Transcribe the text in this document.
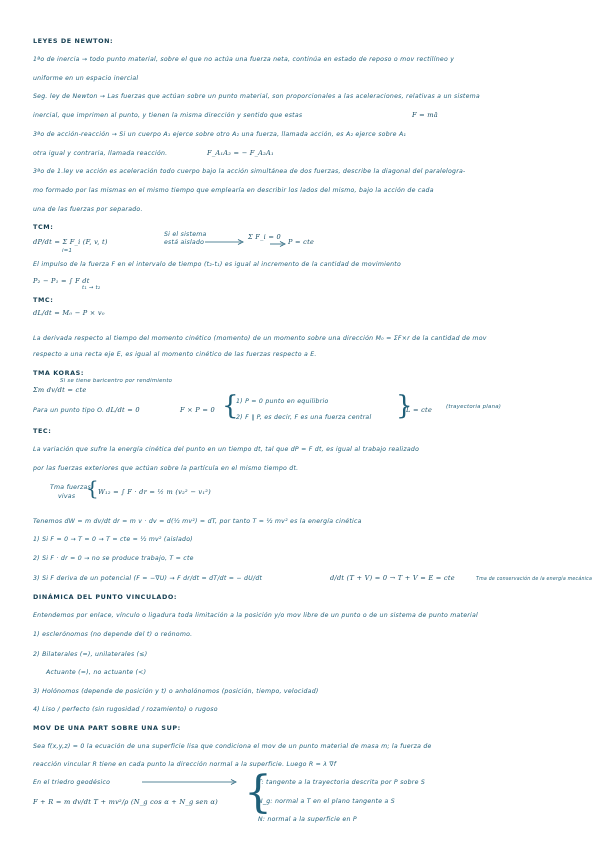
LEYES DE NEWTON:
1ªo de inercia → todo punto material, sobre el que no actúa una fuerza neta, continúa en estado de reposo o mov rectilíneo y
uniforme en un espacio inercial
Seg. ley de Newton → Las fuerzas que actúan sobre un punto material, son proporcionales a las aceleraciones, relativas a un sistema
inercial, que imprimen al punto, y tienen la misma dirección y sentido que estas	F = mā
3ªo de acción-reacción → Si un cuerpo A₁ ejerce sobre otro A₂ una fuerza, llamada acción, es A₂ ejerce sobre A₁
otra igual y contraria, llamada reacción.	F_A₁A₂ = − F_A₂A₁
3ªo de 1.ley ve acción es aceleración todo cuerpo bajo la acción simultánea de dos fuerzas, describe la diagonal del paralelogra-
mo formado por las mismas en el mismo tiempo que emplearía en describir los lados del mismo, bajo la acción de cada
una de las fuerzas por separado.
TCM:
dP/dt = Σ F_i (F, v, t)
i=1
Si el sistema
está aislado
Σ F_i = 0
P = cte
El impulso de la fuerza F en el intervalo de tiempo (t₂-t₁) es igual al incremento de la cantidad de movimiento
P₂ − P₁ = ∫ F dt
t₁ → t₂
TMC:
dL/dt = M₀ − P × v₀
La derivada respecto al tiempo del momento cinético (momento) de un momento sobre una dirección M₀ = ΣF×r de la cantidad de mov
respecto a una recta eje E, es igual al momento cinético de las fuerzas respecto a E.
TMA KORAS:
Σm dv/dt = cte
Si se tiene baricentro por rendimiento
Para un punto tipo O. dL/dt = 0	F × P = 0 {
1) P = 0 punto en equilibrio
2) F ∥ P, es decir, F es una fuerza central }
L = cte	(trayectoria plana)
TEC:
La variación que sufre la energía cinética del punto en un tiempo dt, tal que dP = F dt, es igual al trabajo realizado
por las fuerzas exteriores que actúan sobre la partícula en el mismo tiempo dt.
Tma fuerzas
vivas { W₁₂ = ∫ F · dr = ½ m (v₂² − v₁²)
Tenemos dW = m dv/dt dr = m v · dv = d(½ mv²) = dT, por tanto T = ½ mv² es la energía cinética
1) Si F = 0 → T = 0 → T = cte = ½ mv² (aislado)
2) Si F · dr = 0 → no se produce trabajo, T = cte
3) Si F deriva de un potencial (F = −∇U) → F dr/dt = dT/dt = − dU/dt	d/dt (T + V) = 0 → T + V = E = cte	Tma de conservación de la energía mecánica
DINÁMICA DEL PUNTO VINCULADO:
Entendemos por enlace, vínculo o ligadura toda limitación a la posición y/o mov libre de un punto o de un sistema de punto material
1) esclerónomos (no depende del t) o reónomo.
2) Bilaterales (=), unilaterales (≤)
Actuante (=), no actuante (<)
3) Holónomos (depende de posición y t) o anholónomos (posición, tiempo, velocidad)
4) Liso / perfecto (sin rugosidad / rozamiento) o rugoso
MOV DE UNA PART SOBRE UNA SUP:
Sea f(x,y,z) = 0 la ecuación de una superficie lisa que condiciona el mov de un punto material de masa m; la fuerza de
reacción vincular R tiene en cada punto la dirección normal a la superficie. Luego R = λ ∇f
En el triedro geodésico
F + R = m dv/dt T + mv²/ρ (N_g cos α + N_g sen α) {
T: tangente a la trayectoria descrita por P sobre S
N_g: normal a T en el plano tangente a S
N: normal a la superficie en P
